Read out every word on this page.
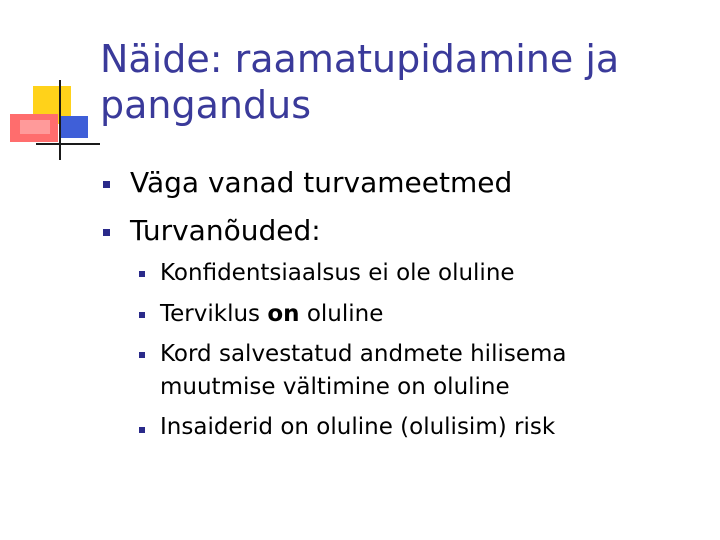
Näide: raamatupidamine ja
pangandus
Väga vanad turvameetmed
Turvanõuded:
Konfidentsiaalsus ei ole oluline
Terviklus on oluline
Kord salvestatud andmete hilisema
muutmise vältimine on oluline
Insaiderid on oluline (olulisim) risk
